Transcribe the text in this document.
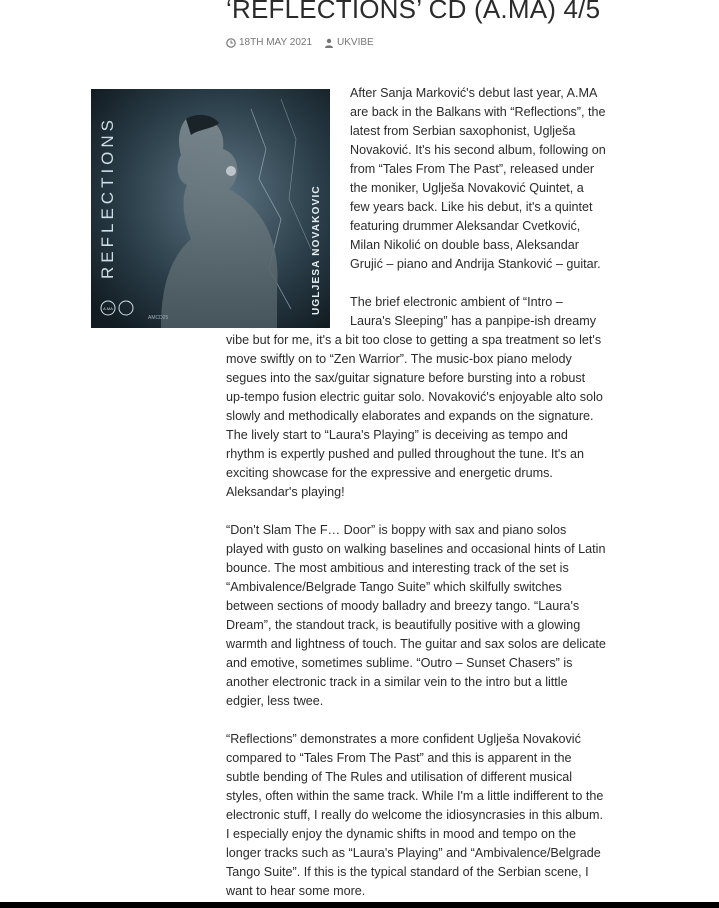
‘REFLECTIONS’ CD (A.MA) 4/5
18TH MAY 2021	UKVIBE
REFLECTIONS	UGLJESA NOVAKOVIC
A.MA
AMCD25

After Sanja Marković's debut last year, A.MA are back in the Balkans with “Reflections”, the latest from Serbian saxophonist, Uglješa Novaković. It's his second album, following on from “Tales From The Past”, released under the moniker, Uglješa Novaković Quintet, a few years back. Like his debut, it's a quintet featuring drummer Aleksandar Cvetković, Milan Nikolić on double bass, Aleksandar Grujić – piano and Andrija Stanković – guitar.

The brief electronic ambient of “Intro – Laura's Sleeping” has a panpipe-ish dreamy vibe but for me, it's a bit too close to getting a spa treatment so let's move swiftly on to “Zen Warrior”. The music-box piano melody segues into the sax/guitar signature before bursting into a robust up-tempo fusion electric guitar solo. Novaković's enjoyable alto solo slowly and methodically elaborates and expands on the signature. The lively start to “Laura's Playing” is deceiving as tempo and rhythm is expertly pushed and pulled throughout the tune. It's an exciting showcase for the expressive and energetic drums. Aleksandar's playing!

“Don't Slam The F… Door” is boppy with sax and piano solos played with gusto on walking baselines and occasional hints of Latin bounce. The most ambitious and interesting track of the set is “Ambivalence/Belgrade Tango Suite” which skilfully switches between sections of moody balladry and breezy tango. “Laura's Dream”, the standout track, is beautifully positive with a glowing warmth and lightness of touch. The guitar and sax solos are delicate and emotive, sometimes sublime. “Outro – Sunset Chasers” is another electronic track in a similar vein to the intro but a little edgier, less twee.

“Reflections” demonstrates a more confident Uglješa Novaković compared to “Tales From The Past” and this is apparent in the subtle bending of The Rules and utilisation of different musical styles, often within the same track. While I'm a little indifferent to the electronic stuff, I really do welcome the idiosyncrasies in this album. I especially enjoy the dynamic shifts in mood and tempo on the longer tracks such as “Laura's Playing” and “Ambivalence/Belgrade Tango Suite”. If this is the typical standard of the Serbian scene, I want to hear some more.
